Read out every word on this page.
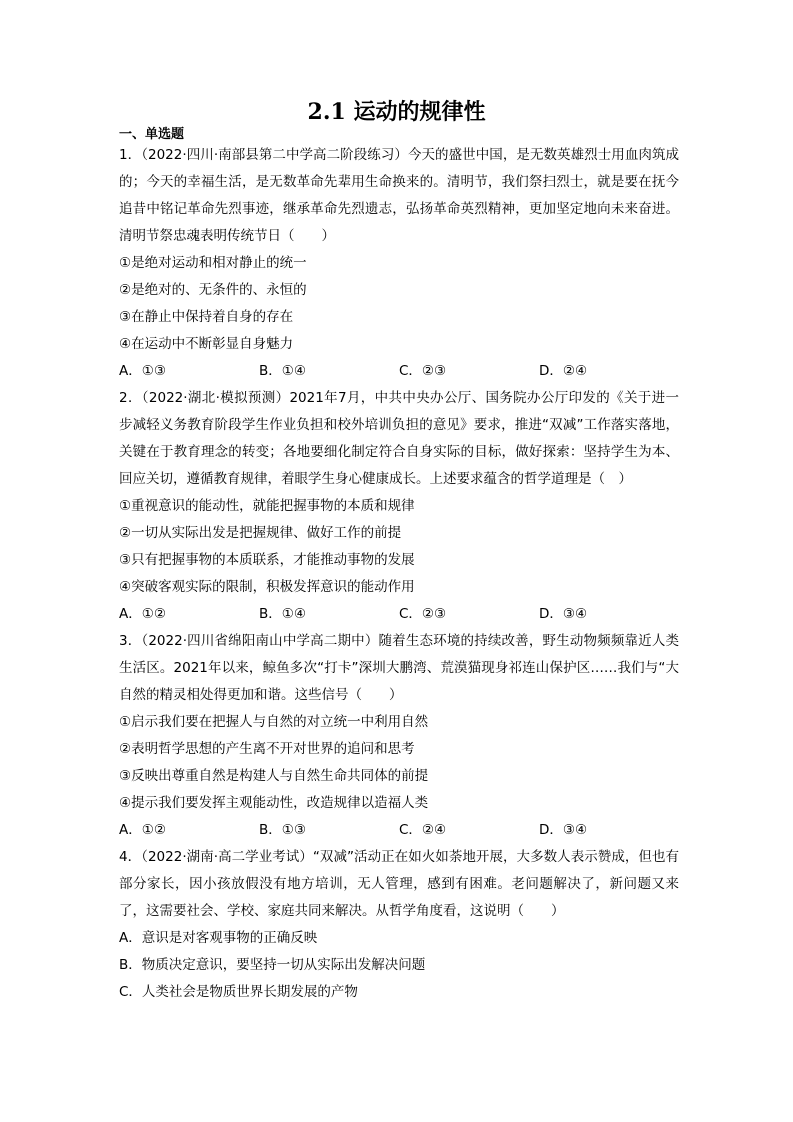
2.1 运动的规律性
一、单选题
1．（2022·四川·南部县第二中学高二阶段练习）今天的盛世中国，是无数英雄烈士用血肉筑成的；今天的幸福生活，是无数革命先辈用生命换来的。清明节，我们祭扫烈士，就是要在抚今追昔中铭记革命先烈事迹，继承革命先烈遗志，弘扬革命英烈精神，更加坚定地向未来奋进。清明节祭忠魂表明传统节日（　　）
①是绝对运动和相对静止的统一
②是绝对的、无条件的、永恒的
③在静止中保持着自身的存在
④在运动中不断彰显自身魅力
A．①③	B．①④	C．②③	D．②④
2．（2022·湖北·模拟预测）2021年7月，中共中央办公厅、国务院办公厅印发的《关于进一步减轻义务教育阶段学生作业负担和校外培训负担的意见》要求，推进“双减”工作落实落地，关键在于教育理念的转变；各地要细化制定符合自身实际的目标，做好探索：坚持学生为本、回应关切，遵循教育规律，着眼学生身心健康成长。上述要求蕴含的哲学道理是（　）
①重视意识的能动性，就能把握事物的本质和规律
②一切从实际出发是把握规律、做好工作的前提
③只有把握事物的本质联系，才能推动事物的发展
④突破客观实际的限制，积极发挥意识的能动作用
A．①②	B．①④	C．②③	D．③④
3．（2022·四川省绵阳南山中学高二期中）随着生态环境的持续改善，野生动物频频靠近人类生活区。2021年以来，鲸鱼多次“打卡”深圳大鹏湾、荒漠猫现身祁连山保护区……我们与“大自然的精灵相处得更加和谐。这些信号（　　）
①启示我们要在把握人与自然的对立统一中利用自然
②表明哲学思想的产生离不开对世界的追问和思考
③反映出尊重自然是构建人与自然生命共同体的前提
④提示我们要发挥主观能动性，改造规律以造福人类
A．①②	B．①③	C．②④	D．③④
4．（2022·湖南·高二学业考试）“双减”活动正在如火如荼地开展，大多数人表示赞成，但也有部分家长，因小孩放假没有地方培训，无人管理，感到有困难。老问题解决了，新问题又来了，这需要社会、学校、家庭共同来解决。从哲学角度看，这说明（　　）
A．意识是对客观事物的正确反映
B．物质决定意识，要坚持一切从实际出发解决问题
C．人类社会是物质世界长期发展的产物
